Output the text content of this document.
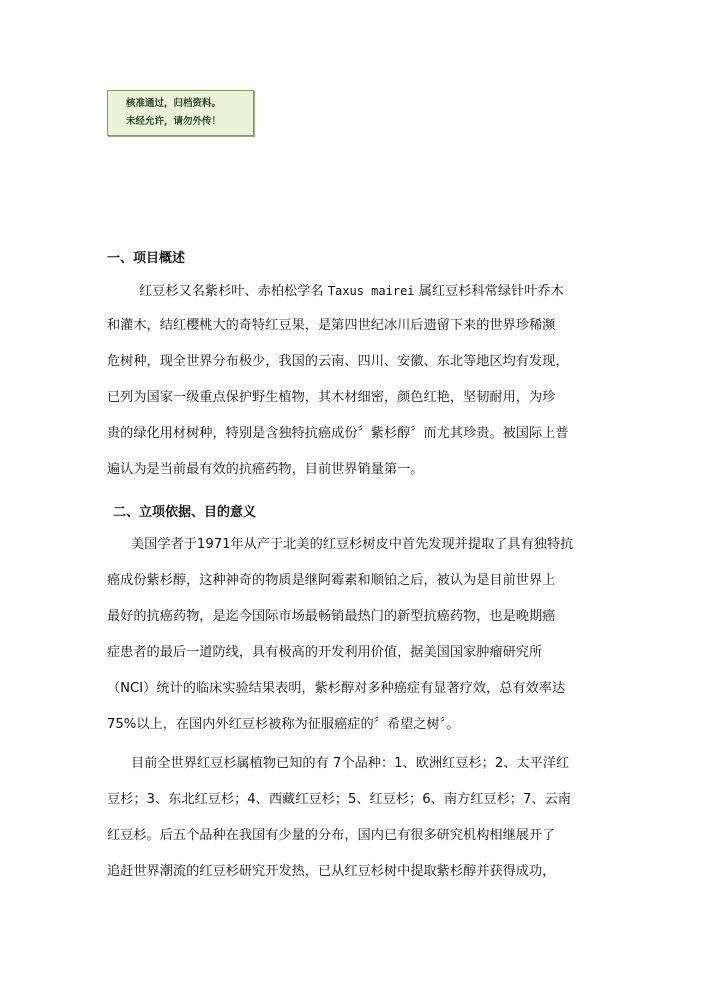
核准通过，归档资料。
未经允许，请勿外传！
一、项目概述
红豆杉又名紫杉叶、赤柏松学名 Taxus mairei 属红豆杉科常绿针叶乔木
和灌木，结红樱桃大的奇特红豆果，是第四世纪冰川后遗留下来的世界珍稀濒
危树种，现全世界分布极少，我国的云南、四川、安徽、东北等地区均有发现，
已列为国家一级重点保护野生植物，其木材细密，颜色红艳，坚韧耐用，为珍
贵的绿化用材树种，特别是含独特抗癌成份〞紫杉醇〞而尤其珍贵。被国际上普
遍认为是当前最有效的抗癌药物，目前世界销量第一。
二、立项依据、目的意义
美国学者于1971年从产于北美的红豆杉树皮中首先发现并提取了具有独特抗
癌成份紫杉醇，这种神奇的物质是继阿霉素和顺铂之后，被认为是目前世界上
最好的抗癌药物，是迄今国际市场最畅销最热门的新型抗癌药物，也是晚期癌
症患者的最后一道防线，具有极高的开发利用价值，据美国国家肿瘤研究所
（NCI）统计的临床实验结果表明，紫杉醇对多种癌症有显著疗效，总有效率达
75%以上，在国内外红豆杉被称为征服癌症的〞希望之树〞。
目前全世界红豆杉属植物已知的有 7个品种：1、欧洲红豆杉；2、太平洋红
豆杉；3、东北红豆杉；4、西藏红豆杉；5、红豆杉；6、南方红豆杉；7、云南
红豆杉。后五个品种在我国有少量的分布，国内已有很多研究机构相继展开了
追赶世界潮流的红豆杉研究开发热，已从红豆杉树中提取紫杉醇并获得成功，
